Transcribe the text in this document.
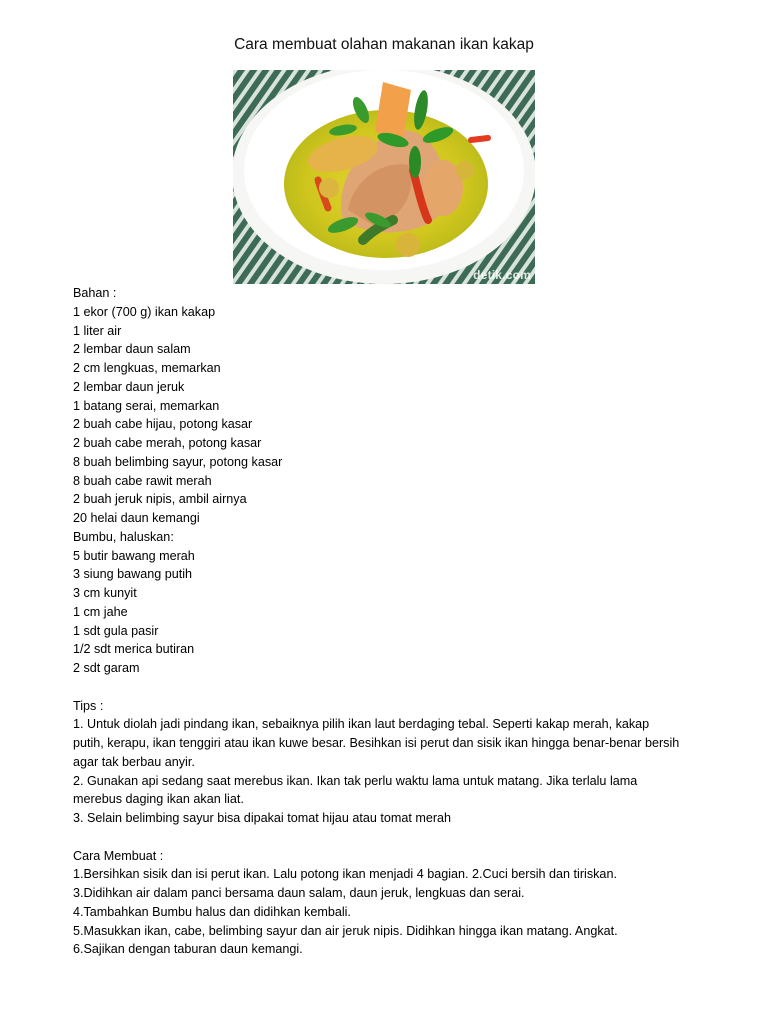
Cara membuat olahan makanan ikan kakap
detik.com
Bahan :
1 ekor (700 g) ikan kakap
1 liter air
2 lembar daun salam
2 cm lengkuas, memarkan
2 lembar daun jeruk
1 batang serai, memarkan
2 buah cabe hijau, potong kasar
2 buah cabe merah, potong kasar
8 buah belimbing sayur, potong kasar
8 buah cabe rawit merah
2 buah jeruk nipis, ambil airnya
20 helai daun kemangi
Bumbu, haluskan:
5 butir bawang merah
3 siung bawang putih
3 cm kunyit
1 cm jahe
1 sdt gula pasir
1/2 sdt merica butiran
2 sdt garam
Tips :
1. Untuk diolah jadi pindang ikan, sebaiknya pilih ikan laut berdaging tebal. Seperti kakap merah, kakap putih, kerapu, ikan tenggiri atau ikan kuwe besar. Besihkan isi perut dan sisik ikan hingga benar-benar bersih agar tak berbau anyir.
2. Gunakan api sedang saat merebus ikan. Ikan tak perlu waktu lama untuk matang. Jika terlalu lama merebus daging ikan akan liat.
3. Selain belimbing sayur bisa dipakai tomat hijau atau tomat merah
Cara Membuat :
1.Bersihkan sisik dan isi perut ikan. Lalu potong ikan menjadi 4 bagian. 2.Cuci bersih dan tiriskan.
3.Didihkan air dalam panci bersama daun salam, daun jeruk, lengkuas dan serai.
4.Tambahkan Bumbu halus dan didihkan kembali.
5.Masukkan ikan, cabe, belimbing sayur dan air jeruk nipis. Didihkan hingga ikan matang. Angkat.
6.Sajikan dengan taburan daun kemangi.
